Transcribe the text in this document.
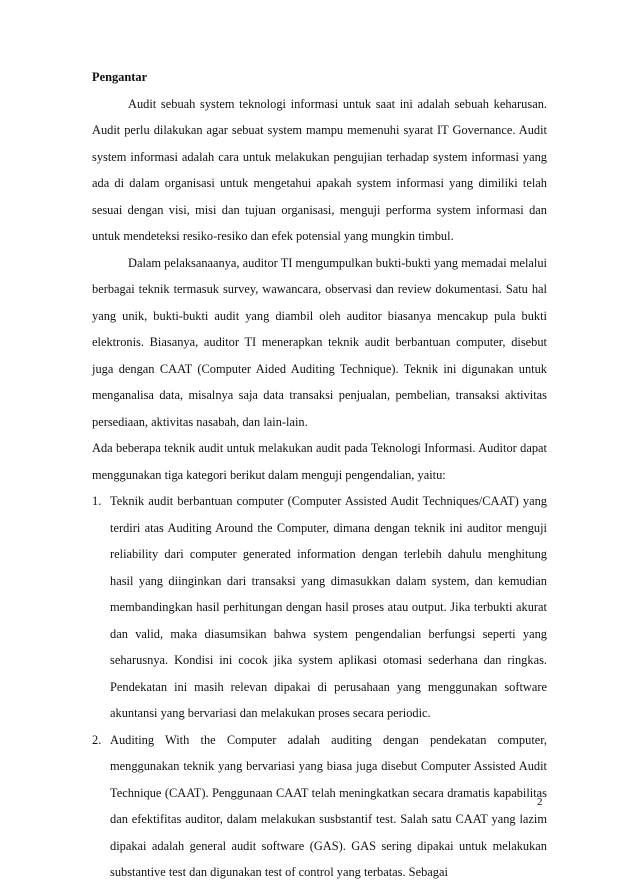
Pengantar

Audit sebuah system teknologi informasi untuk saat ini adalah sebuah keharusan. Audit perlu dilakukan agar sebuat system mampu memenuhi syarat IT Governance. Audit system informasi adalah cara untuk melakukan pengujian terhadap system informasi yang ada di dalam organisasi untuk mengetahui apakah system informasi yang dimiliki telah sesuai dengan visi, misi dan tujuan organisasi, menguji performa system informasi dan untuk mendeteksi resiko-resiko dan efek potensial yang mungkin timbul.

Dalam pelaksanaanya, auditor TI mengumpulkan bukti-bukti yang memadai melalui berbagai teknik termasuk survey, wawancara, observasi dan review dokumentasi. Satu hal yang unik, bukti-bukti audit yang diambil oleh auditor biasanya mencakup pula bukti elektronis. Biasanya, auditor TI menerapkan teknik audit berbantuan computer, disebut juga dengan CAAT (Computer Aided Auditing Technique). Teknik ini digunakan untuk menganalisa data, misalnya saja data transaksi penjualan, pembelian, transaksi aktivitas persediaan, aktivitas nasabah, dan lain-lain.

Ada beberapa teknik audit untuk melakukan audit pada Teknologi Informasi. Auditor dapat menggunakan tiga kategori berikut dalam menguji pengendalian, yaitu:

1. Teknik audit berbantuan computer (Computer Assisted Audit Techniques/CAAT) yang terdiri atas Auditing Around the Computer, dimana dengan teknik ini auditor menguji reliability dari computer generated information dengan terlebih dahulu menghitung hasil yang diinginkan dari transaksi yang dimasukkan dalam system, dan kemudian membandingkan hasil perhitungan dengan hasil proses atau output. Jika terbukti akurat dan valid, maka diasumsikan bahwa system pengendalian berfungsi seperti yang seharusnya. Kondisi ini cocok jika system aplikasi otomasi sederhana dan ringkas. Pendekatan ini masih relevan dipakai di perusahaan yang menggunakan software akuntansi yang bervariasi dan melakukan proses secara periodic.
2. Auditing With the Computer adalah auditing dengan pendekatan computer, menggunakan teknik yang bervariasi yang biasa juga disebut Computer Assisted Audit Technique (CAAT). Penggunaan CAAT telah meningkatkan secara dramatis kapabilitas dan efektifitas auditor, dalam melakukan susbstantif test. Salah satu CAAT yang lazim dipakai adalah general audit software (GAS). GAS sering dipakai untuk melakukan substantive test dan digunakan test of control yang terbatas. Sebagai
2
